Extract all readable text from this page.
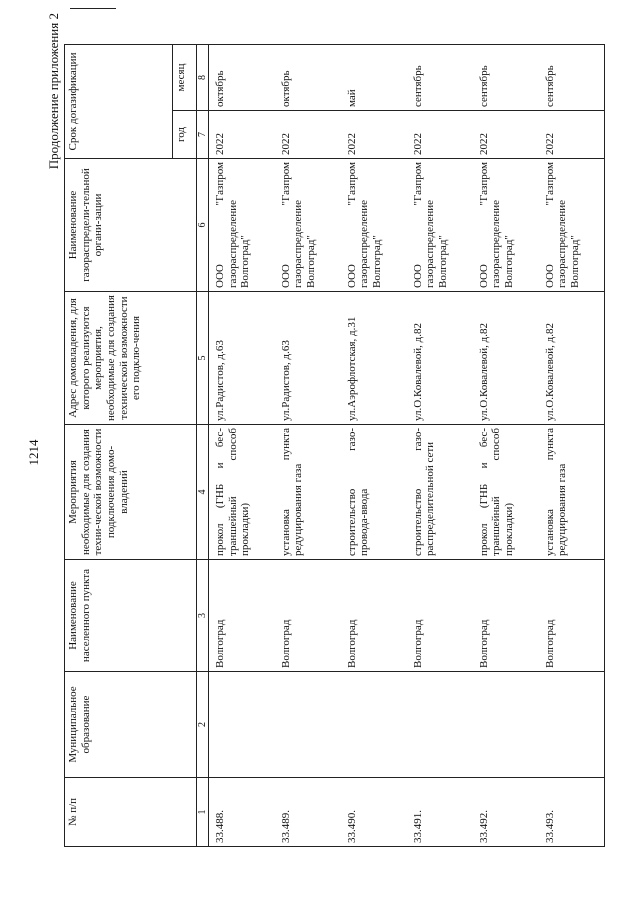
1214
Продолжение приложения 2
№ п/п	Муниципальное образование	Наименование населенного пункта	Мероприятия необходимые для создания техни-ческой возможности подключения домо-владений	Адрес домовладения, для которого реализуются мероприятия, необходимые для создания технической возможности его подклю-чения	Наименование газораспредели-тельной органи-зации	Срок догазификации	
						год	месяц
1	2	3	4	5	6	7	8
33.488.		Волгоград	прокол (ГНБ и бес-траншейный способ прокладки)	ул.Радистов, д.63	ООО "Газпром газораспределение Волгоград"	2022	октябрь
33.489.		Волгоград	установка пункта редуцирования газа	ул.Радистов, д.63	ООО "Газпром газораспределение Волгоград"	2022	октябрь
33.490.		Волгоград	строительство газо-провода-ввода	ул.Аэрофлотская, д.31	ООО "Газпром газораспределение Волгоград"	2022	май
33.491.		Волгоград	строительство газо-распределительной сети	ул.О.Ковалевой, д.82	ООО "Газпром газораспределение Волгоград"	2022	сентябрь
33.492.		Волгоград	прокол (ГНБ и бес-траншейный способ прокладки)	ул.О.Ковалевой, д.82	ООО "Газпром газораспределение Волгоград"	2022	сентябрь
33.493.		Волгоград	установка пункта редуцирования газа	ул.О.Ковалевой, д.82	ООО "Газпром газораспределение Волгоград"	2022	сентябрь
